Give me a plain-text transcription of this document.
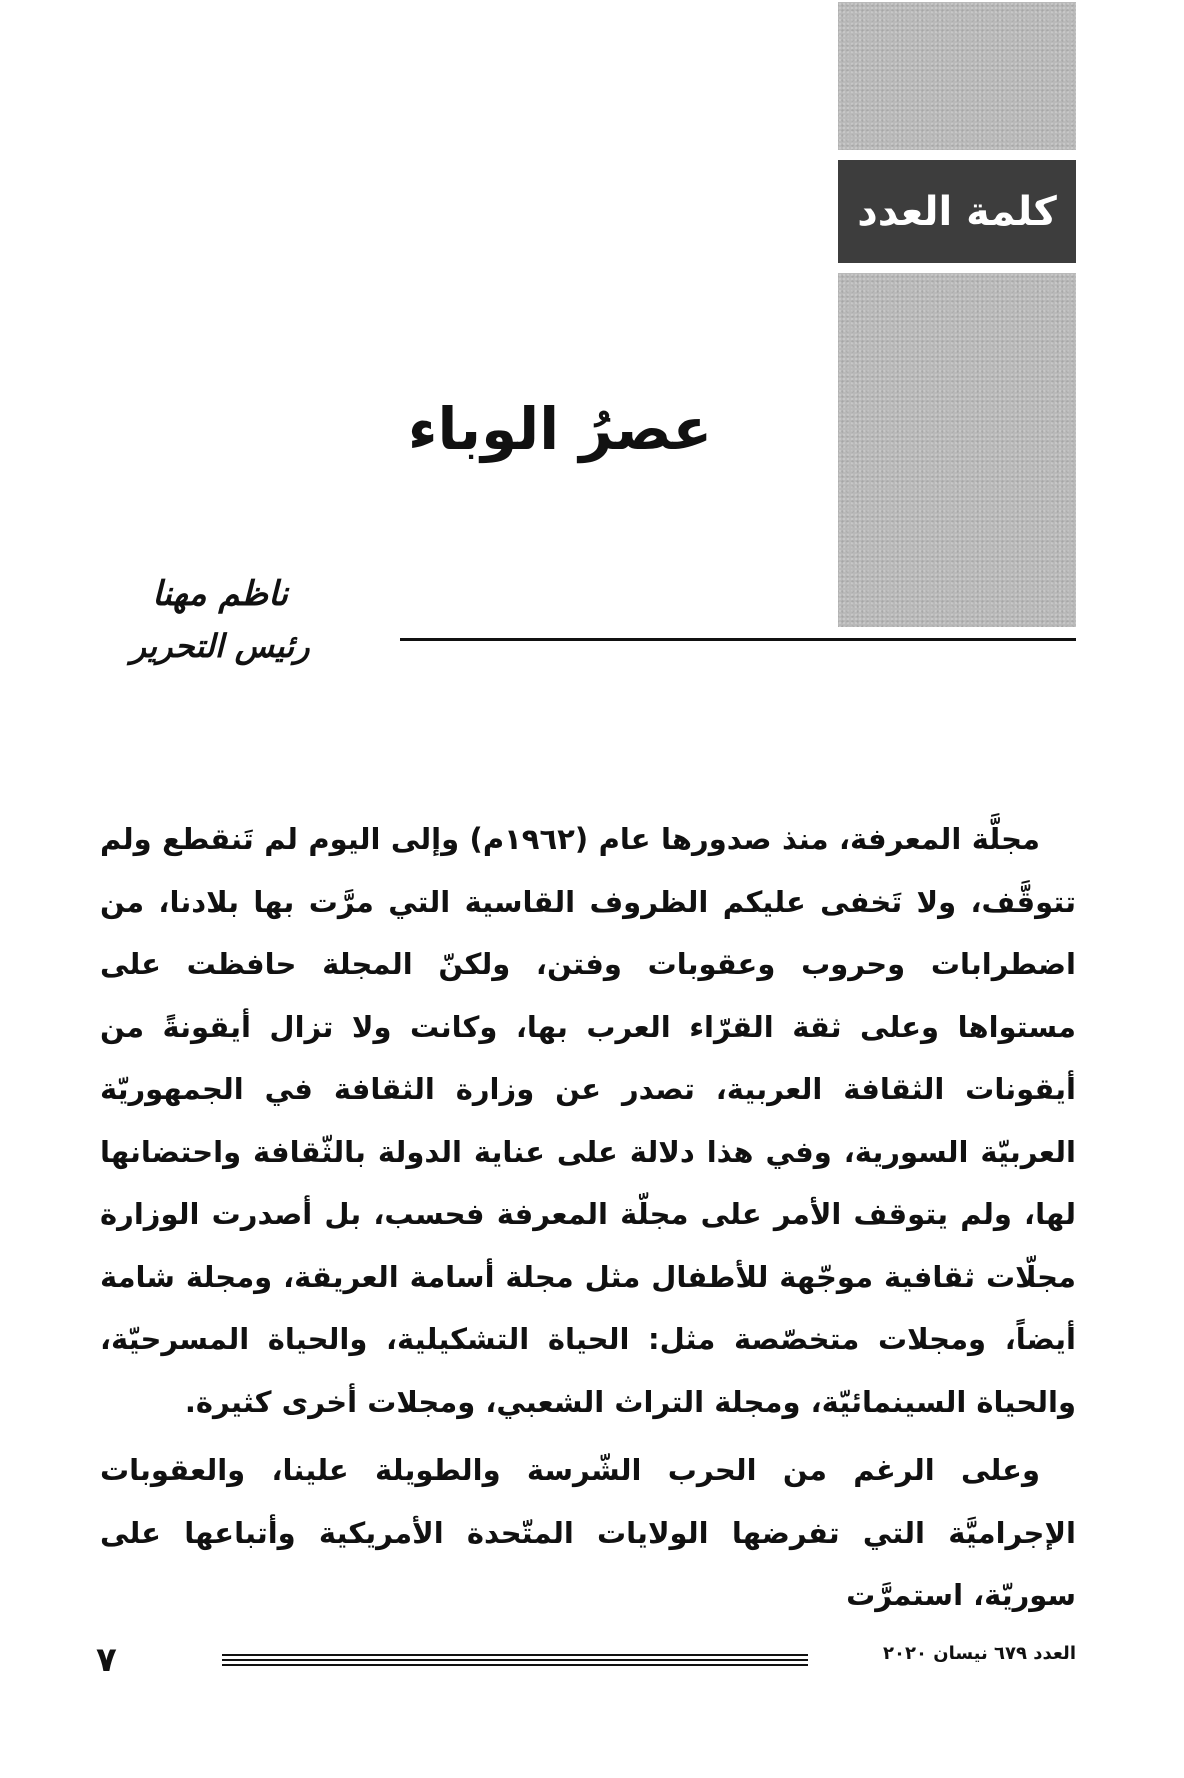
كلمة العدد
عصرُ الوباء
ناظم مهنا
رئيس التحرير

مجلَّة المعرفة، منذ صدورها عام (١٩٦٢م) وإلى اليوم لم تَنقطع ولم تتوقَّف، ولا تَخفى عليكم الظروف القاسية التي مرَّت بها بلادنا، من اضطرابات وحروب وعقوبات وفتن، ولكنّ المجلة حافظت على مستواها وعلى ثقة القرّاء العرب بها، وكانت ولا تزال أيقونةً من أيقونات الثقافة العربية، تصدر عن وزارة الثقافة في الجمهوريّة العربيّة السورية، وفي هذا دلالة على عناية الدولة بالثّقافة واحتضانها لها، ولم يتوقف الأمر على مجلّة المعرفة فحسب، بل أصدرت الوزارة مجلّات ثقافية موجّهة للأطفال مثل مجلة أسامة العريقة، ومجلة شامة أيضاً، ومجلات متخصّصة مثل: الحياة التشكيلية، والحياة المسرحيّة، والحياة السينمائيّة، ومجلة التراث الشعبي، ومجلات أخرى كثيرة.

وعلى الرغم من الحرب الشّرسة والطويلة علينا، والعقوبات الإجراميَّة التي تفرضها الولايات المتّحدة الأمريكية وأتباعها على سوريّة، استمرَّت

٧	العدد ٦٧٩ نيسان ٢٠٢٠
